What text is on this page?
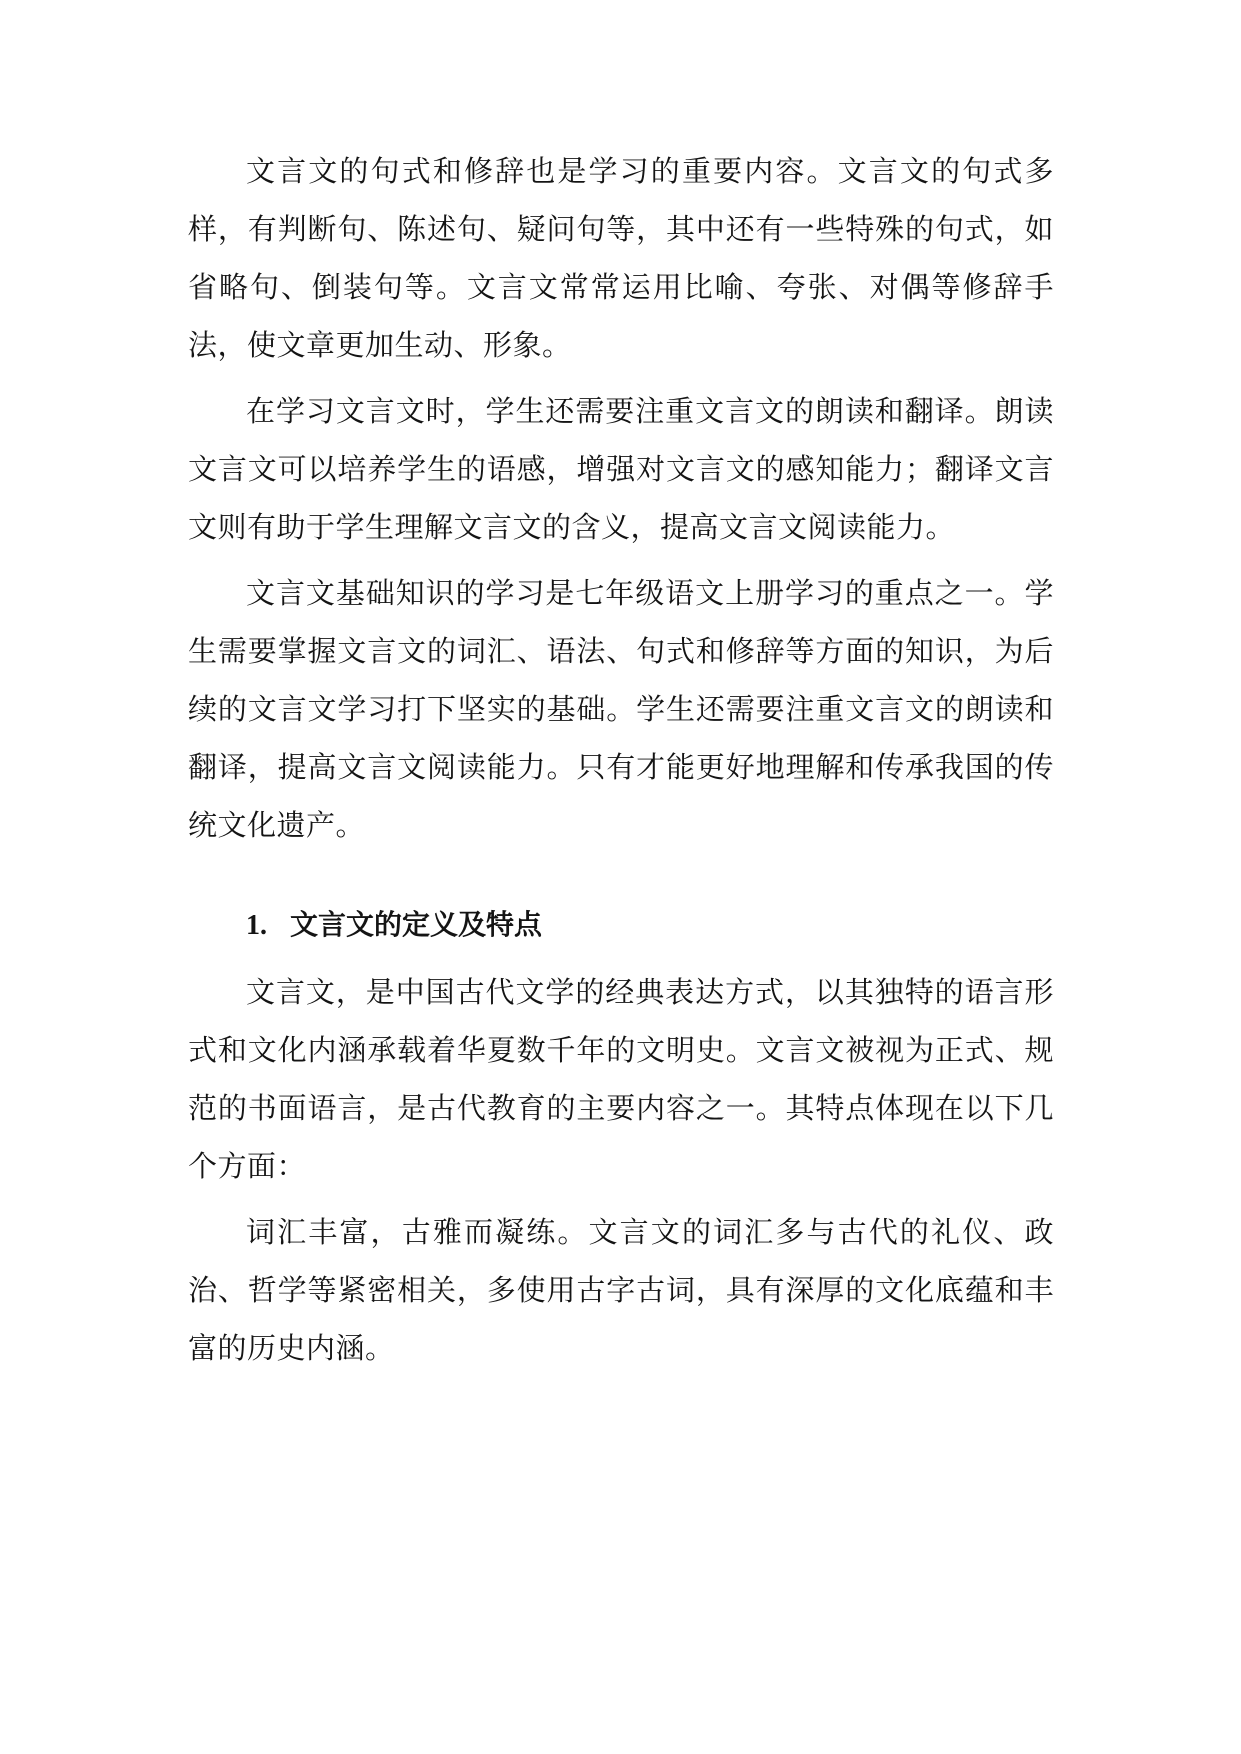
文言文的句式和修辞也是学习的重要内容。文言文的句式多样，有判断句、陈述句、疑问句等，其中还有一些特殊的句式，如省略句、倒装句等。文言文常常运用比喻、夸张、对偶等修辞手法，使文章更加生动、形象。

在学习文言文时，学生还需要注重文言文的朗读和翻译。朗读文言文可以培养学生的语感，增强对文言文的感知能力；翻译文言文则有助于学生理解文言文的含义，提高文言文阅读能力。

文言文基础知识的学习是七年级语文上册学习的重点之一。学生需要掌握文言文的词汇、语法、句式和修辞等方面的知识，为后续的文言文学习打下坚实的基础。学生还需要注重文言文的朗读和翻译，提高文言文阅读能力。只有才能更好地理解和传承我国的传统文化遗产。

1. 文言文的定义及特点

文言文，是中国古代文学的经典表达方式，以其独特的语言形式和文化内涵承载着华夏数千年的文明史。文言文被视为正式、规范的书面语言，是古代教育的主要内容之一。其特点体现在以下几个方面：

词汇丰富，古雅而凝练。文言文的词汇多与古代的礼仪、政治、哲学等紧密相关，多使用古字古词，具有深厚的文化底蕴和丰富的历史内涵。
